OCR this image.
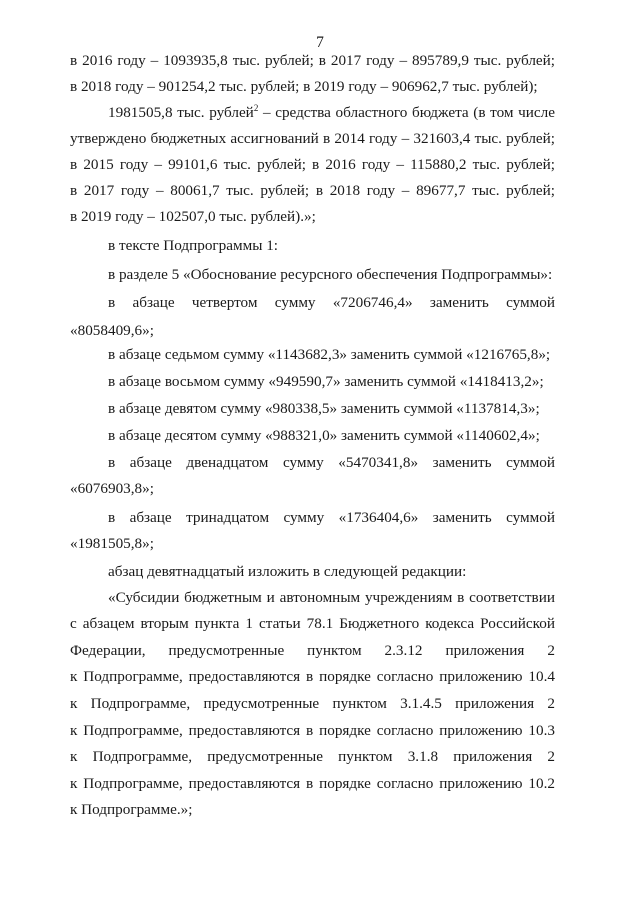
7
в 2016 году – 1093935,8 тыс. рублей; в 2017 году – 895789,9 тыс. рублей;
в 2018 году – 901254,2 тыс. рублей; в 2019 году – 906962,7 тыс. рублей);
1981505,8 тыс. рублей$^2$ – средства областного бюджета (в том числе
утверждено бюджетных ассигнований в 2014 году – 321603,4 тыс. рублей;
в 2015 году – 99101,6 тыс. рублей; в 2016 году – 115880,2 тыс. рублей;
в 2017 году – 80061,7 тыс. рублей; в 2018 году – 89677,7 тыс. рублей;
в 2019 году – 102507,0 тыс. рублей).»;
в тексте Подпрограммы 1:
в разделе 5 «Обоснование ресурсного обеспечения Подпрограммы»:
в абзаце четвертом сумму «7206746,4» заменить суммой
«8058409,6»;
в абзаце седьмом сумму «1143682,3» заменить суммой «1216765,8»;
в абзаце восьмом сумму «949590,7» заменить суммой «1418413,2»;
в абзаце девятом сумму «980338,5» заменить суммой «1137814,3»;
в абзаце десятом сумму «988321,0» заменить суммой «1140602,4»;
в абзаце двенадцатом сумму «5470341,8» заменить суммой
«6076903,8»;
в абзаце тринадцатом сумму «1736404,6» заменить суммой
«1981505,8»;
абзац девятнадцатый изложить в следующей редакции:
«Субсидии бюджетным и автономным учреждениям в соответствии
с абзацем вторым пункта 1 статьи 78.1 Бюджетного кодекса Российской
Федерации, предусмотренные пунктом 2.3.12 приложения 2
к Подпрограмме, предоставляются в порядке согласно приложению 10.4
к Подпрограмме, предусмотренные пунктом 3.1.4.5 приложения 2
к Подпрограмме, предоставляются в порядке согласно приложению 10.3
к Подпрограмме, предусмотренные пунктом 3.1.8 приложения 2
к Подпрограмме, предоставляются в порядке согласно приложению 10.2
к Подпрограмме.»;
